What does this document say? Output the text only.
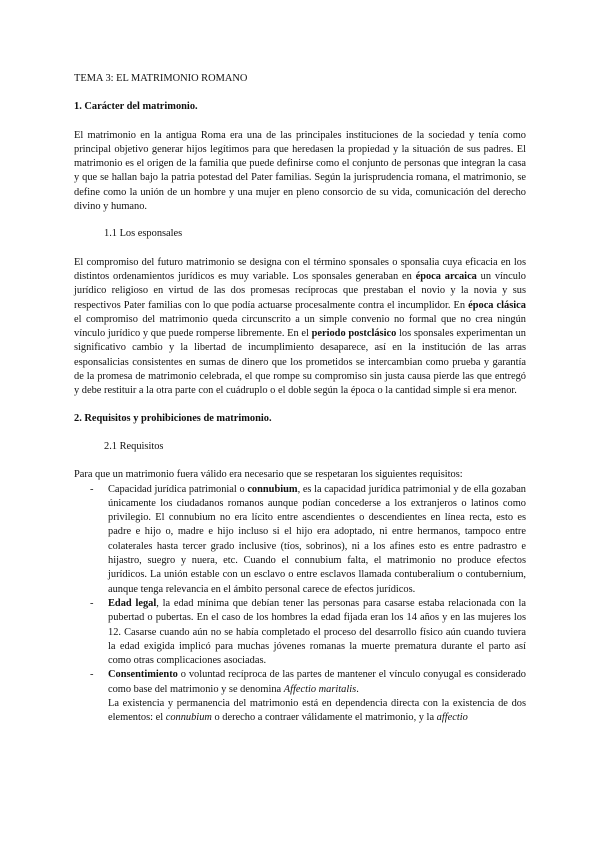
TEMA 3: EL MATRIMONIO ROMANO

1. Carácter del matrimonio.

El matrimonio en la antigua Roma era una de las principales instituciones de la sociedad y tenía como principal objetivo generar hijos legítimos para que heredasen la propiedad y la situación de sus padres. El matrimonio es el origen de la familia que puede definirse como el conjunto de personas que integran la casa y que se hallan bajo la patria potestad del Pater familias. Según la jurisprudencia romana, el matrimonio, se define como la unión de un hombre y una mujer en pleno consorcio de su vida, comunicación del derecho divino y humano.

1.1 Los esponsales

El compromiso del futuro matrimonio se designa con el término sponsales o sponsalia cuya eficacia en los distintos ordenamientos jurídicos es muy variable. Los sponsales generaban en época arcaica un vínculo jurídico religioso en virtud de las dos promesas recíprocas que prestaban el novio y la novia y sus respectivos Pater familias con lo que podía actuarse procesalmente contra el incumplidor. En época clásica el compromiso del matrimonio queda circunscrito a un simple convenio no formal que no crea ningún vínculo jurídico y que puede romperse libremente. En el periodo postclásico los sponsales experimentan un significativo cambio y la libertad de incumplimiento desaparece, así en la institución de las arras esponsalicias consistentes en sumas de dinero que los prometidos se intercambian como prueba y garantía de la promesa de matrimonio celebrada, el que rompe su compromiso sin justa causa pierde las que entregó y debe restituir a la otra parte con el cuádruplo o el doble según la época o la cantidad simple si era menor.

2. Requisitos y prohibiciones de matrimonio.

2.1 Requisitos

Para que un matrimonio fuera válido era necesario que se respetaran los siguientes requisitos:

- Capacidad jurídica patrimonial o connubium, es la capacidad jurídica patrimonial y de ella gozaban únicamente los ciudadanos romanos aunque podían concederse a los extranjeros o latinos como privilegio. El connubium no era lícito entre ascendientes o descendientes en línea recta, esto es padre e hijo o, madre e hijo incluso si el hijo era adoptado, ni entre hermanos, tampoco entre colaterales hasta tercer grado inclusive (tíos, sobrinos), ni a los afines esto es entre padrastro e hijastro, suegro y nuera, etc. Cuando el connubium falta, el matrimonio no produce efectos jurídicos. La unión estable con un esclavo o entre esclavos llamada contuberalium o contubernium, aunque tenga relevancia en el ámbito personal carece de efectos jurídicos.

- Edad legal, la edad mínima que debían tener las personas para casarse estaba relacionada con la pubertad o pubertas. En el caso de los hombres la edad fijada eran los 14 años y en las mujeres los 12. Casarse cuando aún no se había completado el proceso del desarrollo físico aún cuando tuviera la edad exigida implicó para muchas jóvenes romanas la muerte prematura durante el parto así como otras complicaciones asociadas.

- Consentimiento o voluntad recíproca de las partes de mantener el vínculo conyugal es considerado como base del matrimonio y se denomina Affectio maritalis.

La existencia y permanencia del matrimonio está en dependencia directa con la existencia de dos elementos: el connubium o derecho a contraer válidamente el matrimonio, y la affectio
